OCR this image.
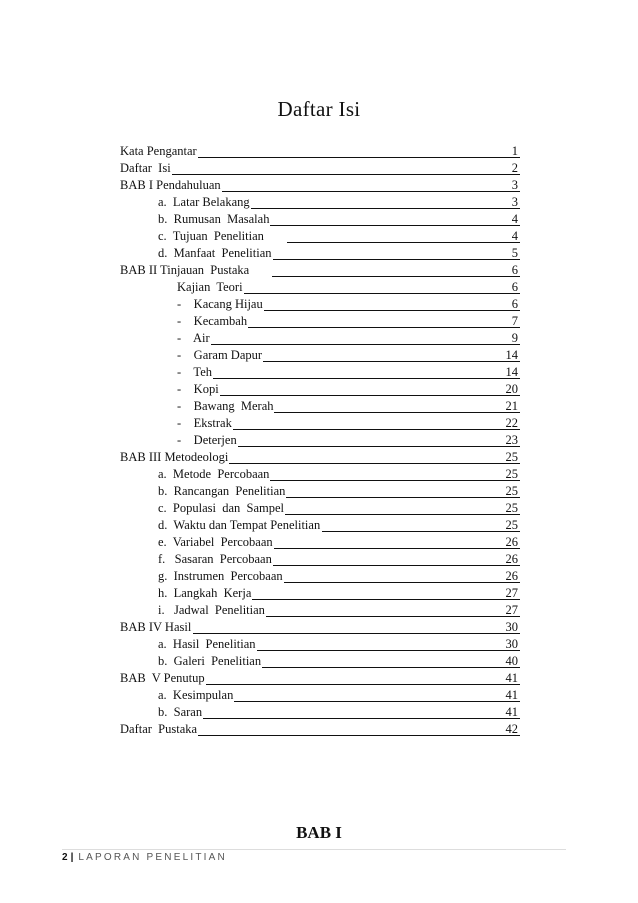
Daftar Isi
Kata Pengantar	1
Daftar  Isi	2
BAB I Pendahuluan	3
a.  Latar Belakang	3
b.  Rumusan  Masalah	4
c.  Tujuan  Penelitian	4
d.  Manfaat  Penelitian	5
BAB II Tinjauan  Pustaka	6
Kajian  Teori	6
-    Kacang Hijau	6
-    Kecambah	7
-    Air	9
-    Garam Dapur	14
-    Teh	14
-    Kopi	20
-    Bawang  Merah	21
-    Ekstrak	22
-    Deterjen	23
BAB III Metodeologi	25
a.  Metode  Percobaan	25
b.  Rancangan  Penelitian	25
c.  Populasi  dan  Sampel	25
d.  Waktu dan Tempat Penelitian	25
e.  Variabel  Percobaan	26
f.   Sasaran  Percobaan	26
g.  Instrumen  Percobaan	26
h.  Langkah  Kerja	27
i.   Jadwal  Penelitian	27
BAB IV Hasil	30
a.  Hasil  Penelitian	30
b.  Galeri  Penelitian	40
BAB  V Penutup	41
a.  Kesimpulan	41
b.  Saran	41
Daftar  Pustaka	42
BAB I
2 | LAPORAN PENELITIAN
